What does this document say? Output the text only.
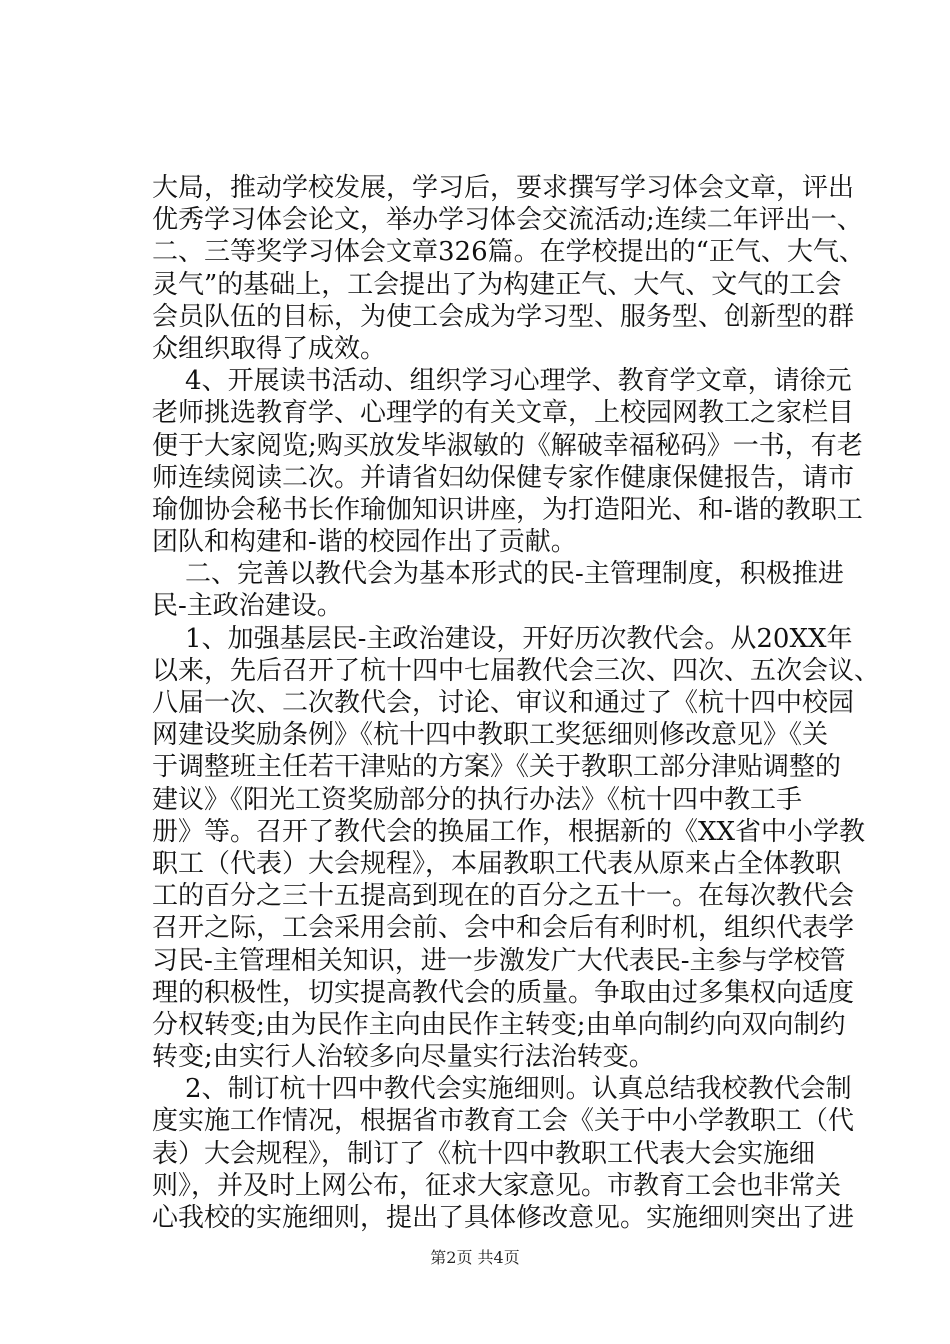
大局，推动学校发展，学习后，要求撰写学习体会文章，评出
优秀学习体会论文，举办学习体会交流活动;连续二年评出一、
二、三等奖学习体会文章326篇。在学校提出的“正气、大气、
灵气”的基础上，工会提出了为构建正气、大气、文气的工会
会员队伍的目标，为使工会成为学习型、服务型、创新型的群
众组织取得了成效。
4、开展读书活动、组织学习心理学、教育学文章，请徐元
老师挑选教育学、心理学的有关文章，上校园网教工之家栏目
便于大家阅览;购买放发毕淑敏的《解破幸福秘码》一书，有老
师连续阅读二次。并请省妇幼保健专家作健康保健报告，请市
瑜伽协会秘书长作瑜伽知识讲座，为打造阳光、和-谐的教职工
团队和构建和-谐的校园作出了贡献。
二、完善以教代会为基本形式的民-主管理制度，积极推进
民-主政治建设。
1、加强基层民-主政治建设，开好历次教代会。从20XX年
以来，先后召开了杭十四中七届教代会三次、四次、五次会议、
八届一次、二次教代会，讨论、审议和通过了《杭十四中校园
网建设奖励条例》《杭十四中教职工奖惩细则修改意见》《关
于调整班主任若干津贴的方案》《关于教职工部分津贴调整的
建议》《阳光工资奖励部分的执行办法》《杭十四中教工手
册》等。召开了教代会的换届工作，根据新的《XX省中小学教
职工（代表）大会规程》，本届教职工代表从原来占全体教职
工的百分之三十五提高到现在的百分之五十一。在每次教代会
召开之际，工会采用会前、会中和会后有利时机，组织代表学
习民-主管理相关知识，进一步激发广大代表民-主参与学校管
理的积极性，切实提高教代会的质量。争取由过多集权向适度
分权转变;由为民作主向由民作主转变;由单向制约向双向制约
转变;由实行人治较多向尽量实行法治转变。
2、制订杭十四中教代会实施细则。认真总结我校教代会制
度实施工作情况，根据省市教育工会《关于中小学教职工（代
表）大会规程》，制订了《杭十四中教职工代表大会实施细
则》，并及时上网公布，征求大家意见。市教育工会也非常关
心我校的实施细则，提出了具体修改意见。实施细则突出了进
第2页 共4页
